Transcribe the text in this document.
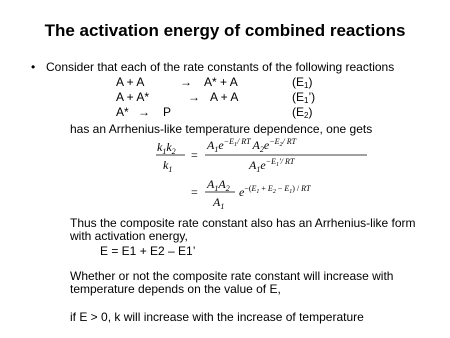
The activation energy of combined reactions
• Consider that each of the rate constants of the following reactions
A + A	→ A* + A	$(E_1)$
A + A*	→ A + A	$(E_1’)$
A* → P	$(E_2)$
has an Arrhenius-like temperature dependence, one gets
$k_1k_2$
$k_1$
=
$A_1e^{-E}1/$ RT $A_2e^{-E}2/$ RT
$A_1e^{-E}1'/$ RT
=
$A_1A_2$
$A_1$
e−(E1 + E2 − E1) / RT
Thus the composite rate constant also has an Arrhenius-like form
with activation energy,
E = E1 + E2 – E1’
Whether or not the composite rate constant will increase with
temperature depends on the value of E,
if E > 0, k will increase with the increase of temperature
